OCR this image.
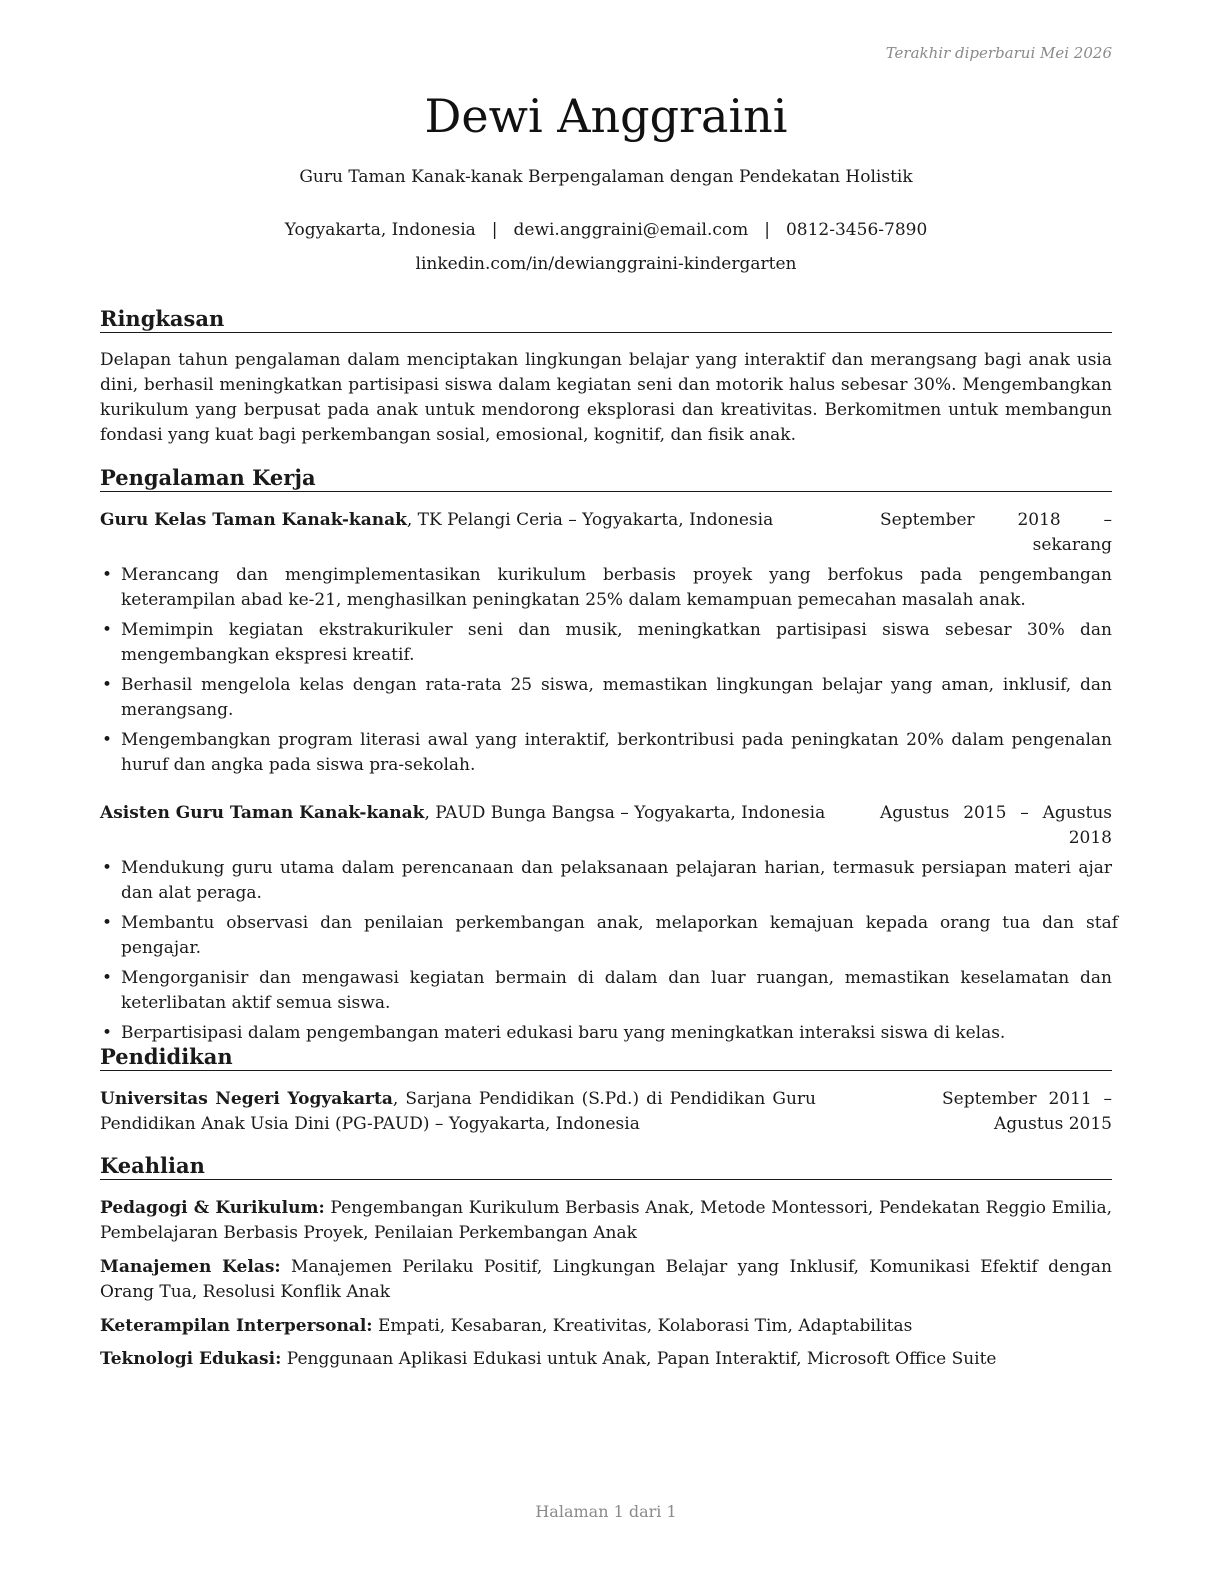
Terakhir diperbarui Mei 2026
Dewi Anggraini
Guru Taman Kanak-kanak Berpengalaman dengan Pendekatan Holistik
Yogyakarta, Indonesia | dewi.anggraini@email.com | 0812-3456-7890
linkedin.com/in/dewianggraini-kindergarten
Ringkasan
Delapan tahun pengalaman dalam menciptakan lingkungan belajar yang interaktif dan merangsang bagi anak usia dini, berhasil meningkatkan partisipasi siswa dalam kegiatan seni dan motorik halus sebesar 30%. Mengembangkan kurikulum yang berpusat pada anak untuk mendorong eksplorasi dan kreativitas. Berkomitmen untuk membangun fondasi yang kuat bagi perkembangan sosial, emosional, kognitif, dan fisik anak.
Pengalaman Kerja
Guru Kelas Taman Kanak-kanak, TK Pelangi Ceria – Yogyakarta, Indonesia	September 2018 – sekarang
• Merancang dan mengimplementasikan kurikulum berbasis proyek yang berfokus pada pengembangan keterampilan abad ke-21, menghasilkan peningkatan 25% dalam kemampuan pemecahan masalah anak.
• Memimpin kegiatan ekstrakurikuler seni dan musik, meningkatkan partisipasi siswa sebesar 30% dan mengembangkan ekspresi kreatif.
• Berhasil mengelola kelas dengan rata-rata 25 siswa, memastikan lingkungan belajar yang aman, inklusif, dan merangsang.
• Mengembangkan program literasi awal yang interaktif, berkontribusi pada peningkatan 20% dalam pengenalan huruf dan angka pada siswa pra-sekolah.
Asisten Guru Taman Kanak-kanak, PAUD Bunga Bangsa – Yogyakarta, Indonesia	Agustus 2015 – Agustus 2018
• Mendukung guru utama dalam perencanaan dan pelaksanaan pelajaran harian, termasuk persiapan materi ajar dan alat peraga.
• Membantu observasi dan penilaian perkembangan anak, melaporkan kemajuan kepada orang tua dan staf pengajar.
• Mengorganisir dan mengawasi kegiatan bermain di dalam dan luar ruangan, memastikan keselamatan dan keterlibatan aktif semua siswa.
• Berpartisipasi dalam pengembangan materi edukasi baru yang meningkatkan interaksi siswa di kelas.
Pendidikan
Universitas Negeri Yogyakarta, Sarjana Pendidikan (S.Pd.) di Pendidikan Guru Pendidikan Anak Usia Dini (PG-PAUD) – Yogyakarta, Indonesia
September 2011 – Agustus 2015
Keahlian
Pedagogi & Kurikulum: Pengembangan Kurikulum Berbasis Anak, Metode Montessori, Pendekatan Reggio Emilia, Pembelajaran Berbasis Proyek, Penilaian Perkembangan Anak
Manajemen Kelas: Manajemen Perilaku Positif, Lingkungan Belajar yang Inklusif, Komunikasi Efektif dengan Orang Tua, Resolusi Konflik Anak
Keterampilan Interpersonal: Empati, Kesabaran, Kreativitas, Kolaborasi Tim, Adaptabilitas
Teknologi Edukasi: Penggunaan Aplikasi Edukasi untuk Anak, Papan Interaktif, Microsoft Office Suite
Halaman 1 dari 1
